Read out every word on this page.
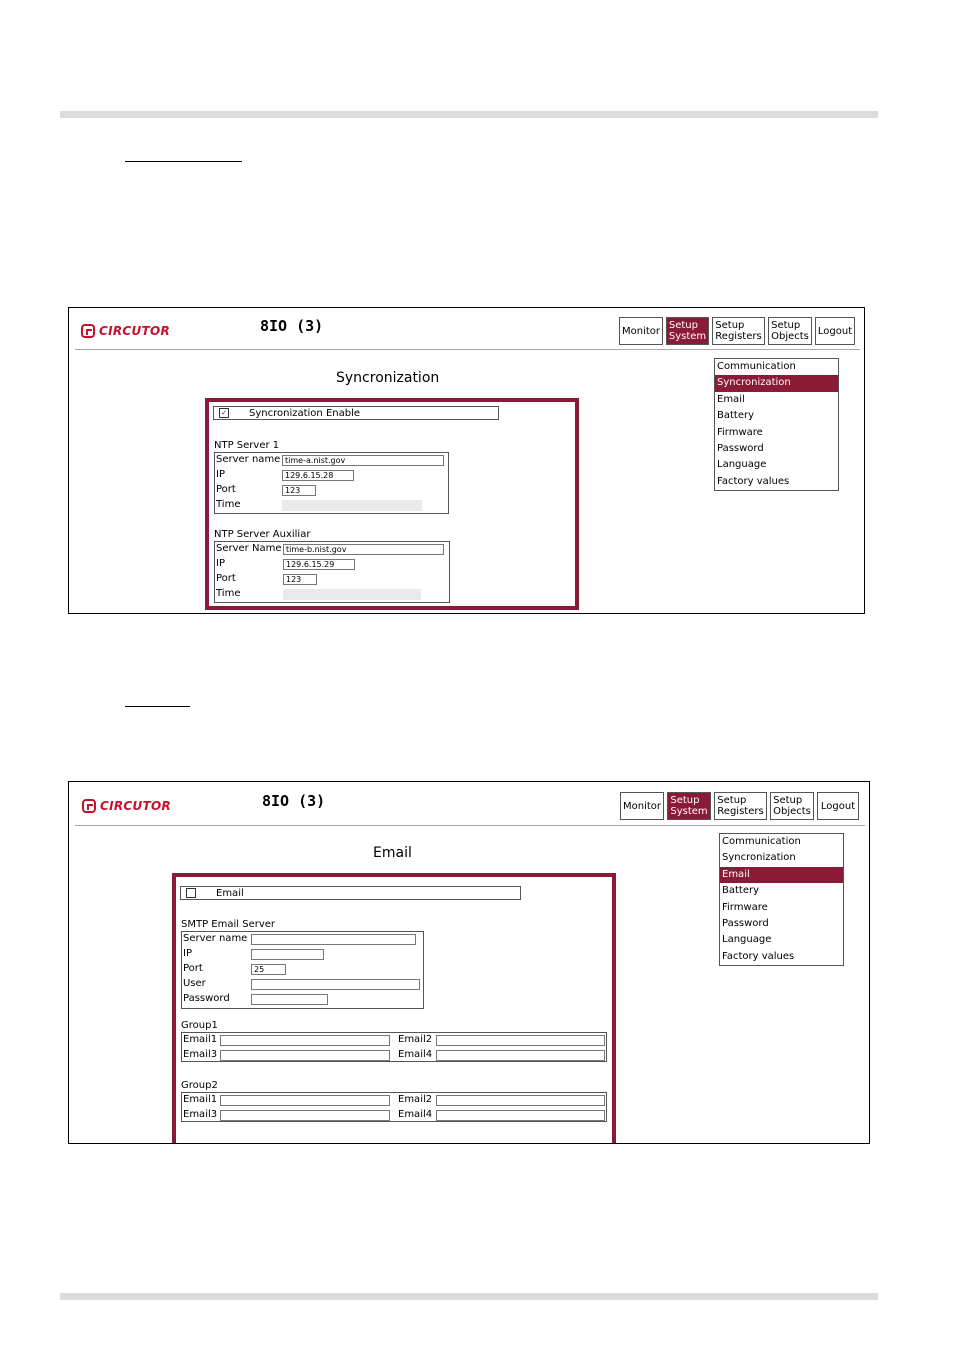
CIRCUTOR	8IO (3)	Monitor Setup
System
Setup
Registers
Setup
Objects Logout
Communication
Syncronization
Email
Battery
Firmware
Password
Language
Factory values
Syncronization
✓ Syncronization Enable
NTP Server 1
Server name time-a.nist.gov
IP	129.6.15.28
Port	123
Time
NTP Server Auxiliar
Server Name time-b.nist.gov
IP	129.6.15.29
Port	123
Time
CIRCUTOR	8IO (3)	Monitor Setup
System
Setup
Registers
Setup
Objects Logout
Communication
Syncronization
Email
Battery
Firmware
Password
Language
Factory values
Email
Email
SMTP Email Server
Server name
IP
Port	25
User
Password
Group1
Email1	Email2
Email3	Email4
Group2
Email1	Email2
Email3	Email4
